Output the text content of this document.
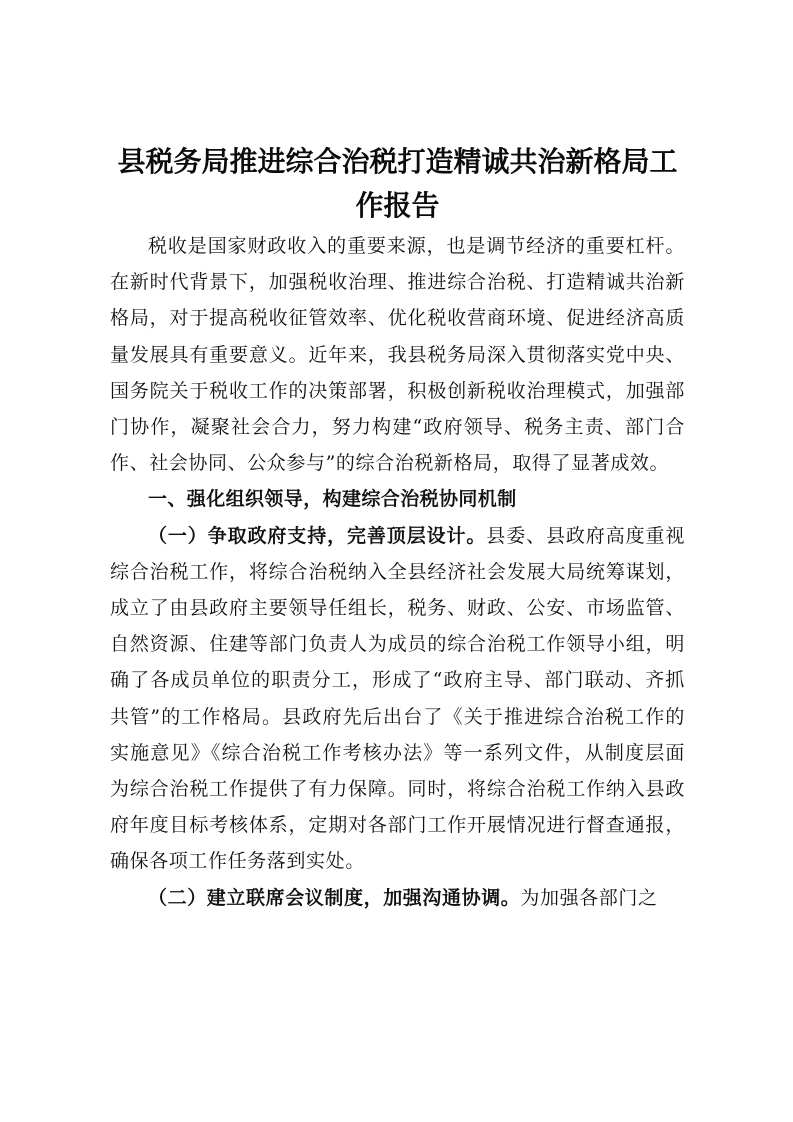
县税务局推进综合治税打造精诚共治新格局工作报告

税收是国家财政收入的重要来源，也是调节经济的重要杠杆。在新时代背景下，加强税收治理、推进综合治税、打造精诚共治新格局，对于提高税收征管效率、优化税收营商环境、促进经济高质量发展具有重要意义。近年来，我县税务局深入贯彻落实党中央、国务院关于税收工作的决策部署，积极创新税收治理模式，加强部门协作，凝聚社会合力，努力构建“政府领导、税务主责、部门合作、社会协同、公众参与”的综合治税新格局，取得了显著成效。

一、强化组织领导，构建综合治税协同机制

（一）争取政府支持，完善顶层设计。县委、县政府高度重视综合治税工作，将综合治税纳入全县经济社会发展大局统筹谋划，成立了由县政府主要领导任组长，税务、财政、公安、市场监管、自然资源、住建等部门负责人为成员的综合治税工作领导小组，明确了各成员单位的职责分工，形成了“政府主导、部门联动、齐抓共管”的工作格局。县政府先后出台了《关于推进综合治税工作的实施意见》《综合治税工作考核办法》等一系列文件，从制度层面为综合治税工作提供了有力保障。同时，将综合治税工作纳入县政府年度目标考核体系，定期对各部门工作开展情况进行督查通报，确保各项工作任务落到实处。

（二）建立联席会议制度，加强沟通协调。为加强各部门之
